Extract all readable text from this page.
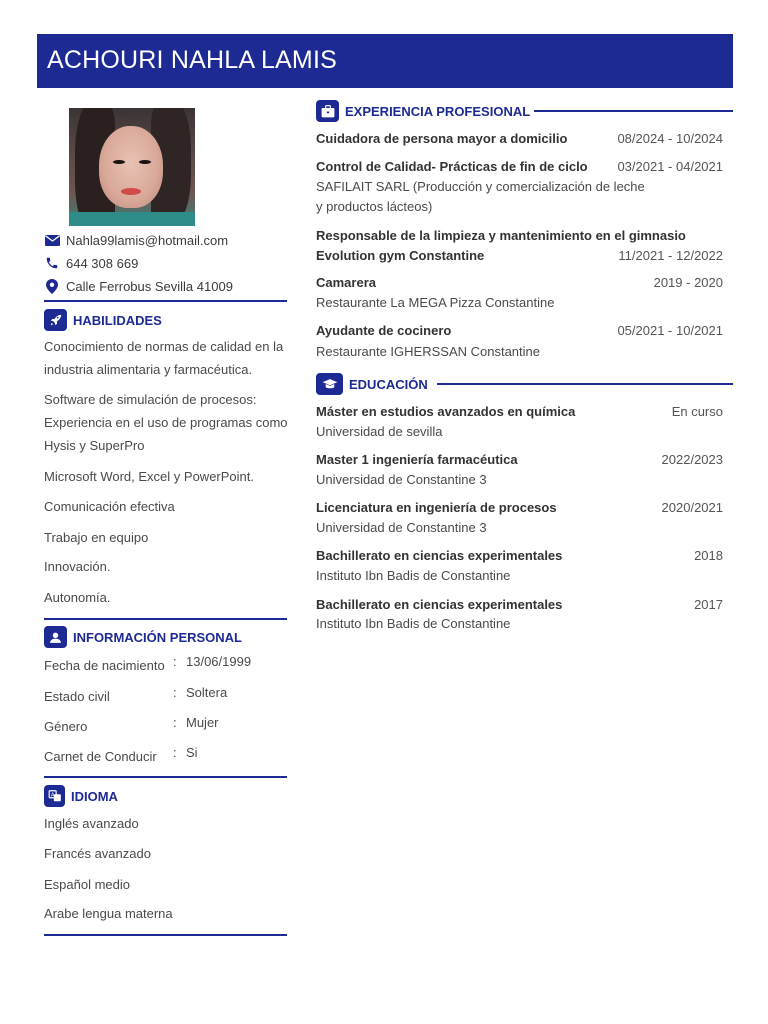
ACHOURI NAHLA LAMIS
Nahla99lamis@hotmail.com
644 308 669
Calle Ferrobus Sevilla 41009
HABILIDADES
Conocimiento de normas de calidad en la industria alimentaria y farmacéutica.
Software de simulación de procesos: Experiencia en el uso de programas como Hysis y SuperPro
Microsoft Word, Excel y PowerPoint.
Comunicación efectiva
Trabajo en equipo
Innovación.
Autonomía.
INFORMACIÓN PERSONAL
Fecha de nacimiento : 13/06/1999
Estado civil	: Soltera
Género	: Mujer
Carnet de Conducir : Si
A IDIOMA
Inglés avanzado
Francés avanzado
Español medio
Arabe lengua materna
EXPERIENCIA PROFESIONAL
Cuidadora de persona mayor a domicilio	08/2024 - 10/2024
Control de Calidad- Prácticas de fin de ciclo 03/2021 - 04/2021
SAFILAIT SARL (Producción y comercialización de leche
y productos lácteos)
Responsable de la limpieza y mantenimiento en el gimnasio
Evolution gym Constantine	11/2021 - 12/2022
Camarera	2019 - 2020
Restaurante La MEGA Pizza Constantine
Ayudante de cocinero	05/2021 - 10/2021
Restaurante IGHERSSAN Constantine
EDUCACIÓN
Máster en estudios avanzados en química	En curso
Universidad de sevilla
Master 1 ingeniería farmacéutica	2022/2023
Universidad de Constantine 3
Licenciatura en ingeniería de procesos	2020/2021
Universidad de Constantine 3
Bachillerato en ciencias experimentales	2018
Instituto Ibn Badis de Constantine
Bachillerato en ciencias experimentales	2017
Instituto Ibn Badis de Constantine
